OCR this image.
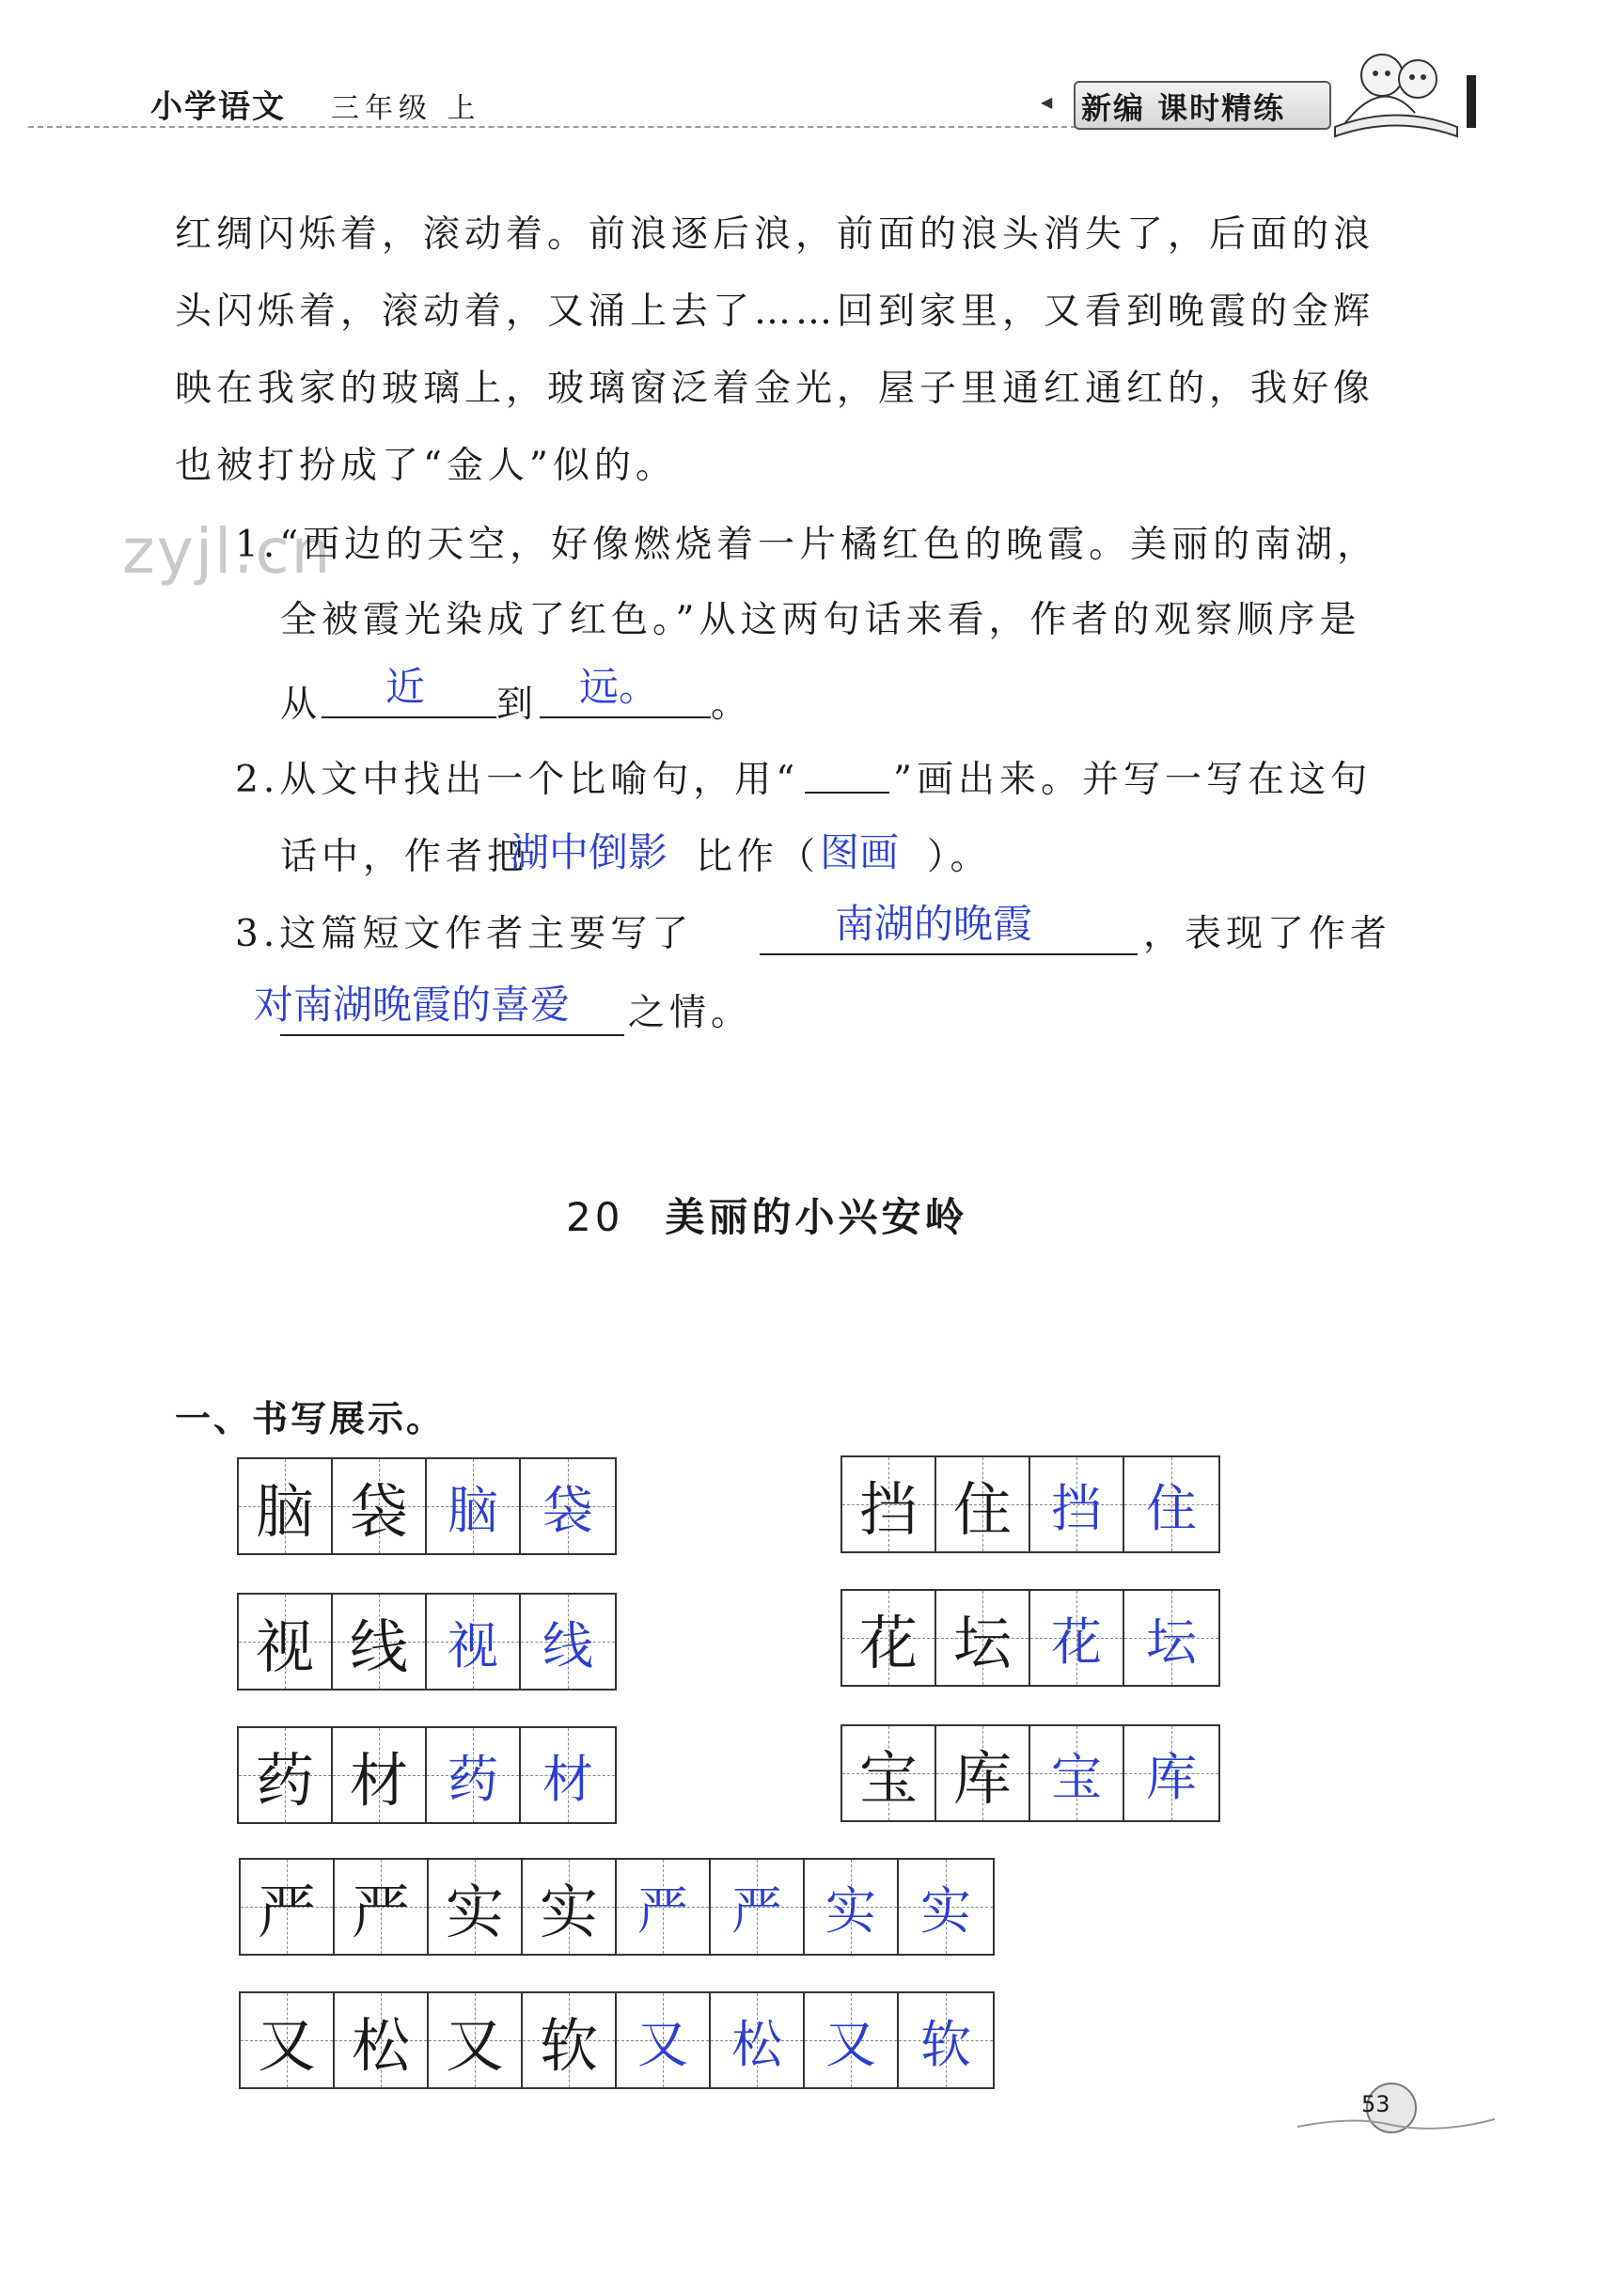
小学语文 三年级 上	◀ 新编 课时精练
红绸闪烁着，滚动着。前浪逐后浪，前面的浪头消失了，后面的浪
头闪烁着，滚动着，又涌上去了……回到家里，又看到晚霞的金辉
映在我家的玻璃上，玻璃窗泛着金光，屋子里通红通红的，我好像
也被打扮成了“金人”似的。
zyjl.cn
1.“西边的天空，好像燃烧着一片橘红色的晚霞。美丽的南湖，
全被霞光染成了红色。”从这两句话来看，作者的观察顺序是
从 近 到 远。 。
2.从文中找出一个比喻句，用“	”画出来。并写一写在这句
话中，作者把
湖中倒影 比作（ 图画 ）。
3.这篇短文作者主要写了	南湖的晚霞	，表现了作者
对南湖晚霞的喜爱 之情。
20 美丽的小兴安岭
一、书写展示。
脑 袋 脑 袋	挡 住 挡 住
视 线 视 线	花 坛 花 坛
药 材 药 材	宝 库 宝 库
严 严 实 实 严 严 实 实
又 松 又 软 又 松 又 软
53
